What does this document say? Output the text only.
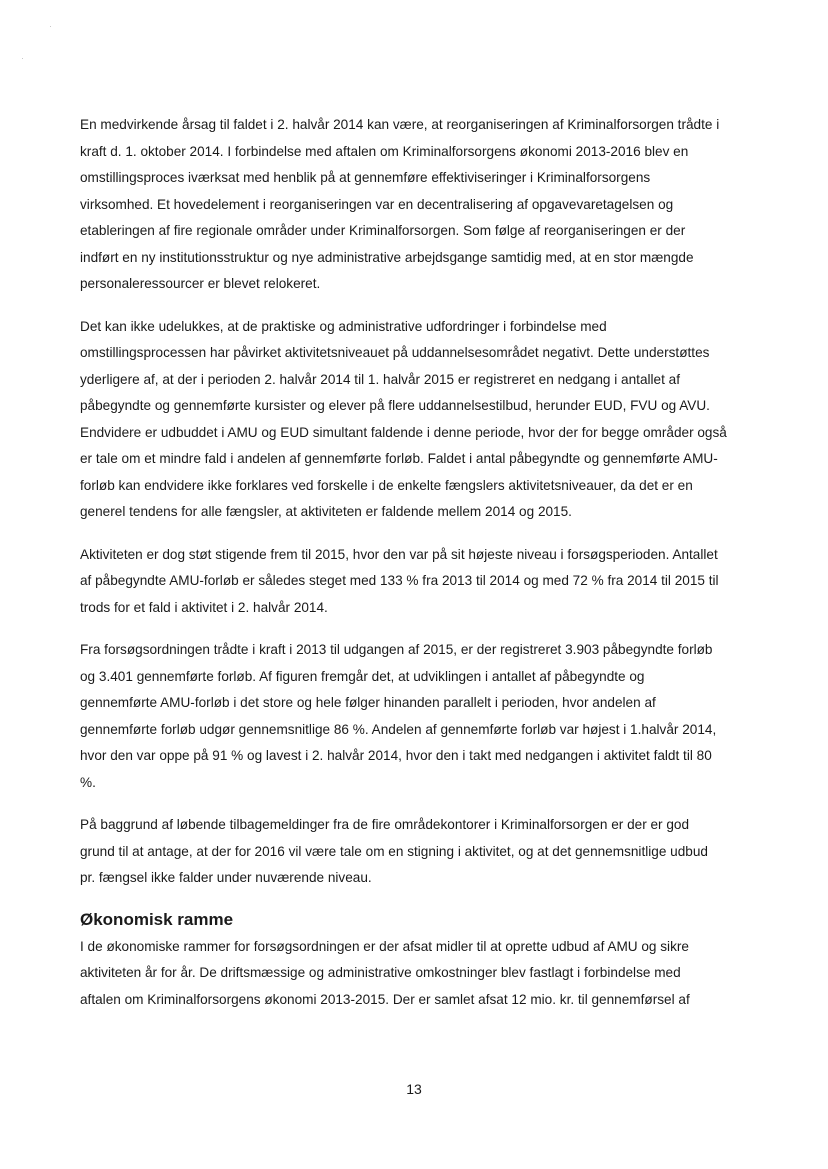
En medvirkende årsag til faldet i 2. halvår 2014 kan være, at reorganiseringen af Kriminalforsorgen trådte i
kraft d. 1. oktober 2014. I forbindelse med aftalen om Kriminalforsorgens økonomi 2013-2016 blev en
omstillingsproces iværksat med henblik på at gennemføre effektiviseringer i Kriminalforsorgens
virksomhed. Et hovedelement i reorganiseringen var en decentralisering af opgavevaretagelsen og
etableringen af fire regionale områder under Kriminalforsorgen. Som følge af reorganiseringen er der
indført en ny institutionsstruktur og nye administrative arbejdsgange samtidig med, at en stor mængde
personaleressourcer er blevet relokeret.

Det kan ikke udelukkes, at de praktiske og administrative udfordringer i forbindelse med
omstillingsprocessen har påvirket aktivitetsniveauet på uddannelsesområdet negativt. Dette understøttes
yderligere af, at der i perioden 2. halvår 2014 til 1. halvår 2015 er registreret en nedgang i antallet af
påbegyndte og gennemførte kursister og elever på flere uddannelsestilbud, herunder EUD, FVU og AVU.
Endvidere er udbuddet i AMU og EUD simultant faldende i denne periode, hvor der for begge områder også
er tale om et mindre fald i andelen af gennemførte forløb. Faldet i antal påbegyndte og gennemførte AMU-
forløb kan endvidere ikke forklares ved forskelle i de enkelte fængslers aktivitetsniveauer, da det er en
generel tendens for alle fængsler, at aktiviteten er faldende mellem 2014 og 2015.

Aktiviteten er dog støt stigende frem til 2015, hvor den var på sit højeste niveau i forsøgsperioden. Antallet
af påbegyndte AMU-forløb er således steget med 133 % fra 2013 til 2014 og med 72 % fra 2014 til 2015 til
trods for et fald i aktivitet i 2. halvår 2014.

Fra forsøgsordningen trådte i kraft i 2013 til udgangen af 2015, er der registreret 3.903 påbegyndte forløb
og 3.401 gennemførte forløb. Af figuren fremgår det, at udviklingen i antallet af påbegyndte og
gennemførte AMU-forløb i det store og hele følger hinanden parallelt i perioden, hvor andelen af
gennemførte forløb udgør gennemsnitlige 86 %. Andelen af gennemførte forløb var højest i 1.halvår 2014,
hvor den var oppe på 91 % og lavest i 2. halvår 2014, hvor den i takt med nedgangen i aktivitet faldt til 80
%.

På baggrund af løbende tilbagemeldinger fra de fire områdekontorer i Kriminalforsorgen er der er god
grund til at antage, at der for 2016 vil være tale om en stigning i aktivitet, og at det gennemsnitlige udbud
pr. fængsel ikke falder under nuværende niveau.

Økonomisk ramme

I de økonomiske rammer for forsøgsordningen er der afsat midler til at oprette udbud af AMU og sikre
aktiviteten år for år. De driftsmæssige og administrative omkostninger blev fastlagt i forbindelse med
aftalen om Kriminalforsorgens økonomi 2013-2015. Der er samlet afsat 12 mio. kr. til gennemførsel af

13
